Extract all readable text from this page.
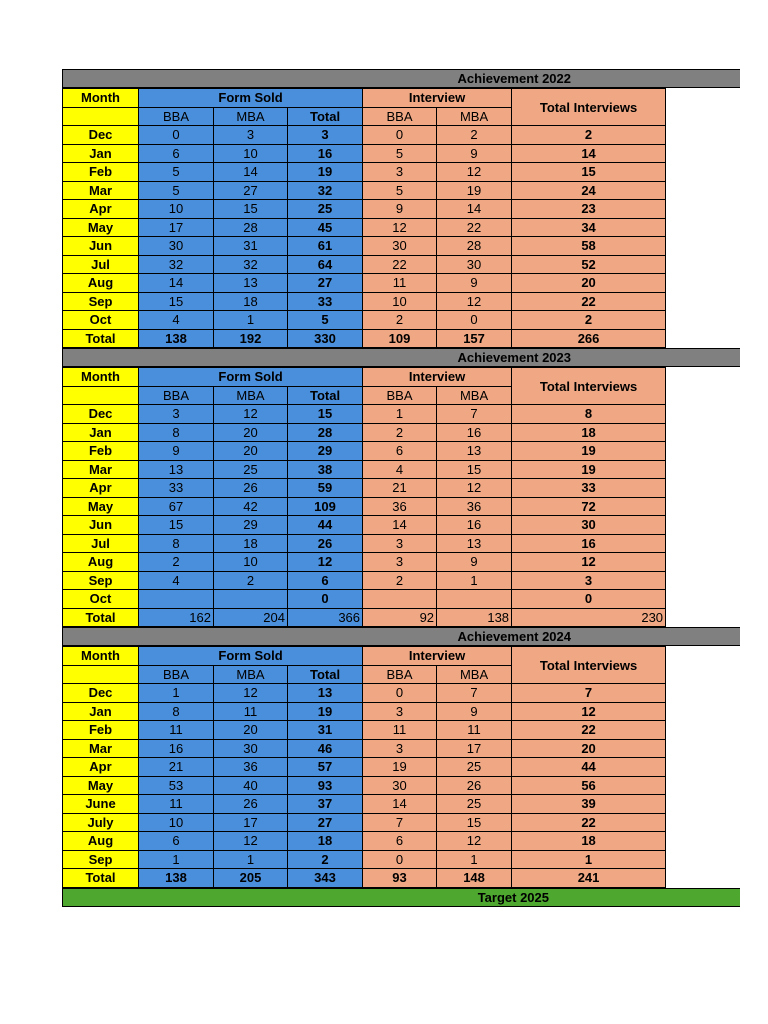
Achievement 2022
Month	Form Sold			Interview		Total Interviews
	BBA	MBA	Total	BBA	MBA	
Dec	0	3	3	0	2	2
Jan	6	10	16	5	9	14
Feb	5	14	19	3	12	15
Mar	5	27	32	5	19	24
Apr	10	15	25	9	14	23
May	17	28	45	12	22	34
Jun	30	31	61	30	28	58
Jul	32	32	64	22	30	52
Aug	14	13	27	11	9	20
Sep	15	18	33	10	12	22
Oct	4	1	5	2	0	2
Total	138	192	330	109	157	266
Achievement 2023
Month	Form Sold			Interview		Total Interviews
	BBA	MBA	Total	BBA	MBA	
Dec	3	12	15	1	7	8
Jan	8	20	28	2	16	18
Feb	9	20	29	6	13	19
Mar	13	25	38	4	15	19
Apr	33	26	59	21	12	33
May	67	42	109	36	36	72
Jun	15	29	44	14	16	30
Jul	8	18	26	3	13	16
Aug	2	10	12	3	9	12
Sep	4	2	6	2	1	3
Oct			0			0
Total	162	204	366	92	138	230
Achievement 2024
Month	Form Sold			Interview		Total Interviews
	BBA	MBA	Total	BBA	MBA	
Dec	1	12	13	0	7	7
Jan	8	11	19	3	9	12
Feb	11	20	31	11	11	22
Mar	16	30	46	3	17	20
Apr	21	36	57	19	25	44
May	53	40	93	30	26	56
June	11	26	37	14	25	39
July	10	17	27	7	15	22
Aug	6	12	18	6	12	18
Sep	1	1	2	0	1	1
Total	138	205	343	93	148	241
Target 2025
